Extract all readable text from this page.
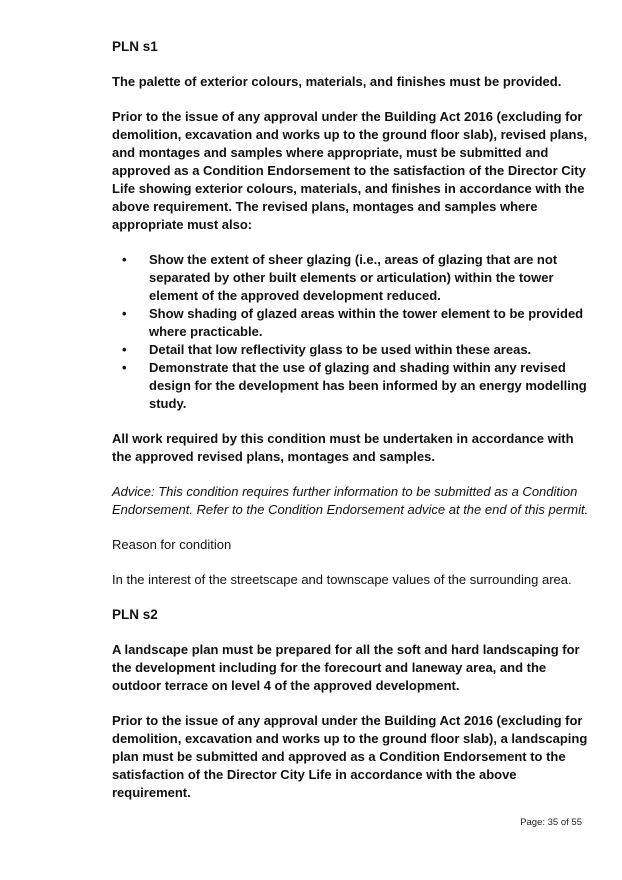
PLN s1

The palette of exterior colours, materials, and finishes must be provided.

Prior to the issue of any approval under the Building Act 2016 (excluding for demolition, excavation and works up to the ground floor slab), revised plans, and montages and samples where appropriate, must be submitted and approved as a Condition Endorsement to the satisfaction of the Director City Life showing exterior colours, materials, and finishes in accordance with the above requirement. The revised plans, montages and samples where appropriate must also:

• Show the extent of sheer glazing (i.e., areas of glazing that are not separated by other built elements or articulation) within the tower element of the approved development reduced.
• Show shading of glazed areas within the tower element to be provided where practicable.
• Detail that low reflectivity glass to be used within these areas.
• Demonstrate that the use of glazing and shading within any revised design for the development has been informed by an energy modelling study.

All work required by this condition must be undertaken in accordance with the approved revised plans, montages and samples.

Advice: This condition requires further information to be submitted as a Condition Endorsement. Refer to the Condition Endorsement advice at the end of this permit.

Reason for condition

In the interest of the streetscape and townscape values of the surrounding area.

PLN s2

A landscape plan must be prepared for all the soft and hard landscaping for the development including for the forecourt and laneway area, and the outdoor terrace on level 4 of the approved development.

Prior to the issue of any approval under the Building Act 2016 (excluding for demolition, excavation and works up to the ground floor slab), a landscaping plan must be submitted and approved as a Condition Endorsement to the satisfaction of the Director City Life in accordance with the above requirement.

Page: 35 of 55
